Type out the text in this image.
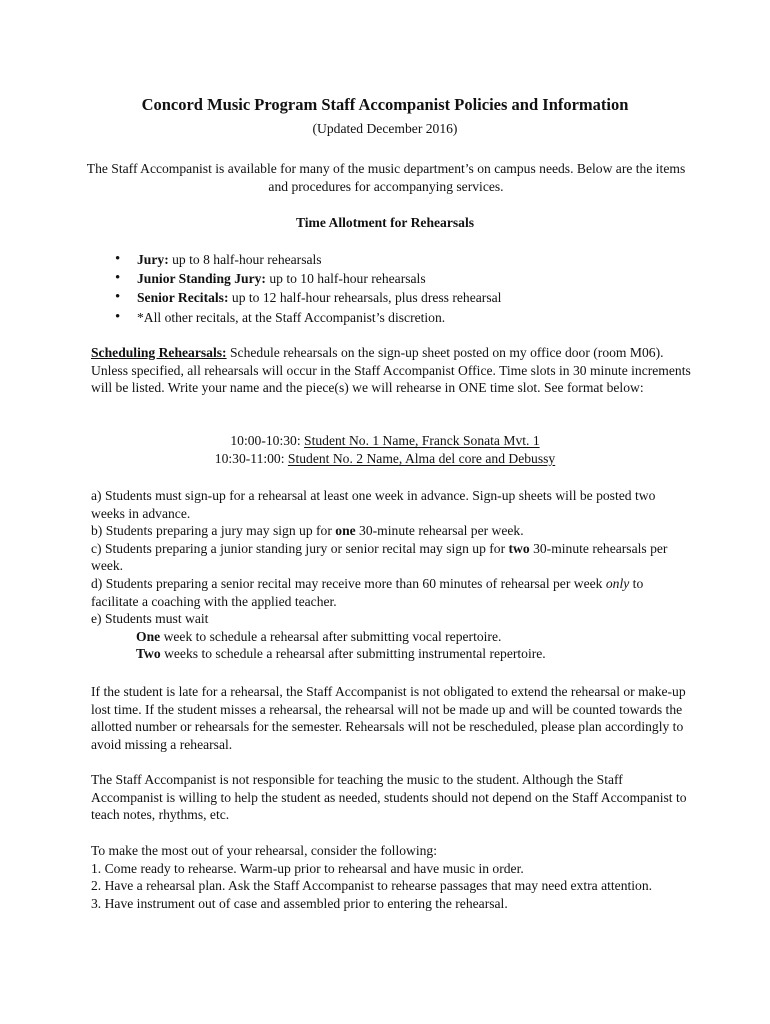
Concord Music Program Staff Accompanist Policies and Information

(Updated December 2016)

The Staff Accompanist is available for many of the music department’s on campus needs. Below are the items and procedures for accompanying services.

Time Allotment for Rehearsals
• Jury: up to 8 half-hour rehearsals
• Junior Standing Jury: up to 10 half-hour rehearsals
• Senior Recitals: up to 12 half-hour rehearsals, plus dress rehearsal
• *All other recitals, at the Staff Accompanist’s discretion.

Scheduling Rehearsals: Schedule rehearsals on the sign-up sheet posted on my office door (room M06). Unless specified, all rehearsals will occur in the Staff Accompanist Office. Time slots in 30 minute increments will be listed. Write your name and the piece(s) we will rehearse in ONE time slot. See format below:

10:00-10:30: Student No. 1 Name, Franck Sonata Mvt. 1
10:30-11:00: Student No. 2 Name, Alma del core and Debussy
a) Students must sign-up for a rehearsal at least one week in advance. Sign-up sheets will be posted two weeks in advance.
b) Students preparing a jury may sign up for one 30-minute rehearsal per week.
c) Students preparing a junior standing jury or senior recital may sign up for two 30-minute rehearsals per week.
d) Students preparing a senior recital may receive more than 60 minutes of rehearsal per week only to facilitate a coaching with the applied teacher.
e) Students must wait
One week to schedule a rehearsal after submitting vocal repertoire.
Two weeks to schedule a rehearsal after submitting instrumental repertoire.

If the student is late for a rehearsal, the Staff Accompanist is not obligated to extend the rehearsal or make-up lost time. If the student misses a rehearsal, the rehearsal will not be made up and will be counted towards the allotted number or rehearsals for the semester. Rehearsals will not be rescheduled, please plan accordingly to avoid missing a rehearsal.

The Staff Accompanist is not responsible for teaching the music to the student. Although the Staff Accompanist is willing to help the student as needed, students should not depend on the Staff Accompanist to teach notes, rhythms, etc.

To make the most out of your rehearsal, consider the following:
1. Come ready to rehearse. Warm-up prior to rehearsal and have music in order.
2. Have a rehearsal plan. Ask the Staff Accompanist to rehearse passages that may need extra attention.
3. Have instrument out of case and assembled prior to entering the rehearsal.
